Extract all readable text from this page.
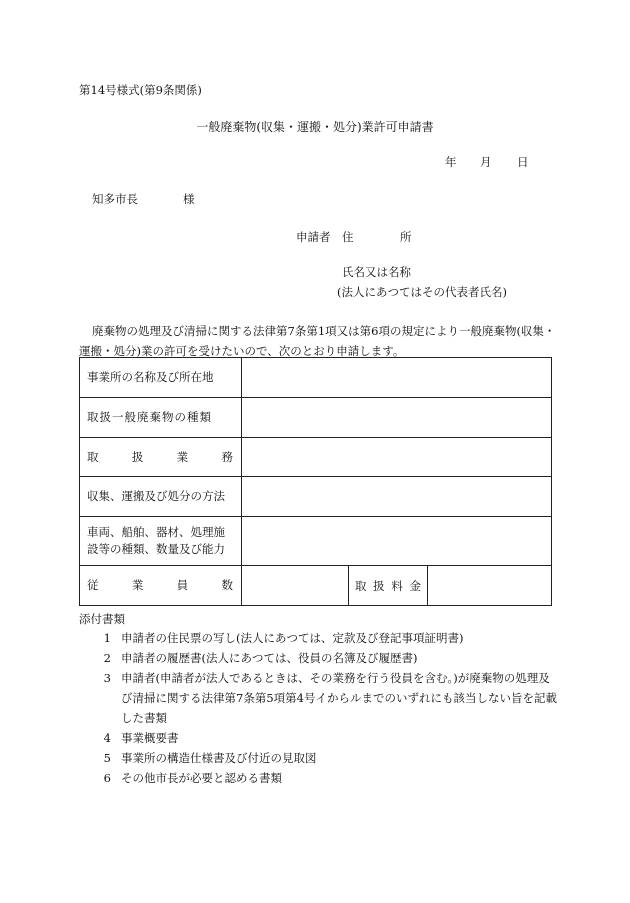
第14号様式(第9条関係)
一般廃棄物(収集・運搬・処分)業許可申請書
年 月 日
知多市長	様
申請者 住	所
氏名又は名称
(法人にあつてはその代表者氏名)
廃棄物の処理及び清掃に関する法律第7条第1項又は第6項の規定により一般廃棄物(収集・運搬・処分)業の許可を受けたいので、次のとおり申請します。
事業所の名称及び所在地			
取扱一般廃棄物の種類			

取 扱 業 務			

収集、運搬及び処分の方法			

車両、船舶、器材、処理施
設等の種類、数量及び能力			

従 業 員 数		取 扱 料 金	

添付書類
1 申請者の住民票の写し(法人にあつては、定款及び登記事項証明書)
2 申請者の履歴書(法人にあつては、役員の名簿及び履歴書)
3 申請者(申請者が法人であるときは、その業務を行う役員を含む。)が廃棄物の処理及び清掃に関する法律第7条第5項第4号イからルまでのいずれにも該当しない旨を記載した書類
4 事業概要書
5 事業所の構造仕様書及び付近の見取図
6 その他市長が必要と認める書類
